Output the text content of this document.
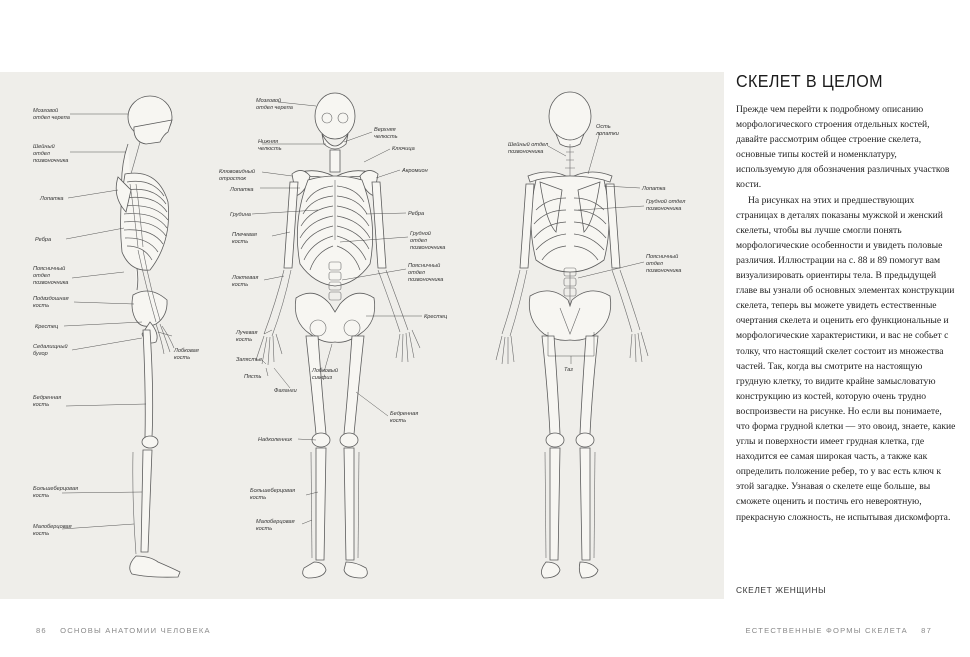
Мозговой
отдел черепа
Шейный
отдел
позвоночника
Лопатка
Ребра
Поясничный
отдел
позвоночника
Подвздошная
кость
Крестец
Седалищный
бугор	Лобковая
кость
Бедренная
кость
Большеберцовая
кость
Малоберцовая
кость
Мозговой
отдел черепа
Нижняя
челюсть
Верхняя
челюсть
Ключица
Клювовидный
отросток
Лопатка
Акромион
Грудина	Ребра
Плечевая
кость
Грудной
отдел
позвоночника
Поясничный
отдел
позвоночника
Локтевая
кость
Крестец
Лучевая
кость
Запястье
Пясть
Фаланги
Лобковый
симфиз
Бедренная
кость
Надколенник
Большеберцовая
кость
Малоберцовая
кость
Ость
лопатки
Шейный отдел
позвоночника
Лопатка
Грудной отдел
позвоночника
Поясничный
отдел
позвоночника
Таз
СКЕЛЕТ В ЦЕЛОМ

Прежде чем перейти к подробному описанию морфологического строения отдельных костей, давайте рассмотрим общее строение скелета, основные типы костей и номенклатуру, используемую для обозначения различных участков кости.

На рисунках на этих и предшествующих страницах в деталях показаны мужской и женский скелеты, чтобы вы лучше смогли понять морфологические особенности и увидеть половые различия. Иллюстрации на с. 88 и 89 помогут вам визуализировать ориентиры тела. В предыдущей главе вы узнали об основных элементах конструкции скелета, теперь вы можете увидеть естественные очертания скелета и оценить его функциональные и морфологические характеристики, и вас не собьет с толку, что настоящий скелет состоит из множества частей. Так, когда вы смотрите на настоящую грудную клетку, то видите крайне замысловатую конструкцию из костей, которую очень трудно воспроизвести на рисунке. Но если вы понимаете, что форма грудной клетки — это овоид, знаете, какие углы и поверхности имеет грудная клетка, где находится ее самая широкая часть, а также как определить положение ребер, то у вас есть ключ к этой загадке. Узнавая о скелете еще больше, вы сможете оценить и постичь его невероятную, прекрасную сложность, не испытывая дискомфорта.

СКЕЛЕТ ЖЕНЩИНЫ
86 ОСНОВЫ АНАТОМИИ ЧЕЛОВЕКА	ЕСТЕСТВЕННЫЕ ФОРМЫ СКЕЛЕТА 87
